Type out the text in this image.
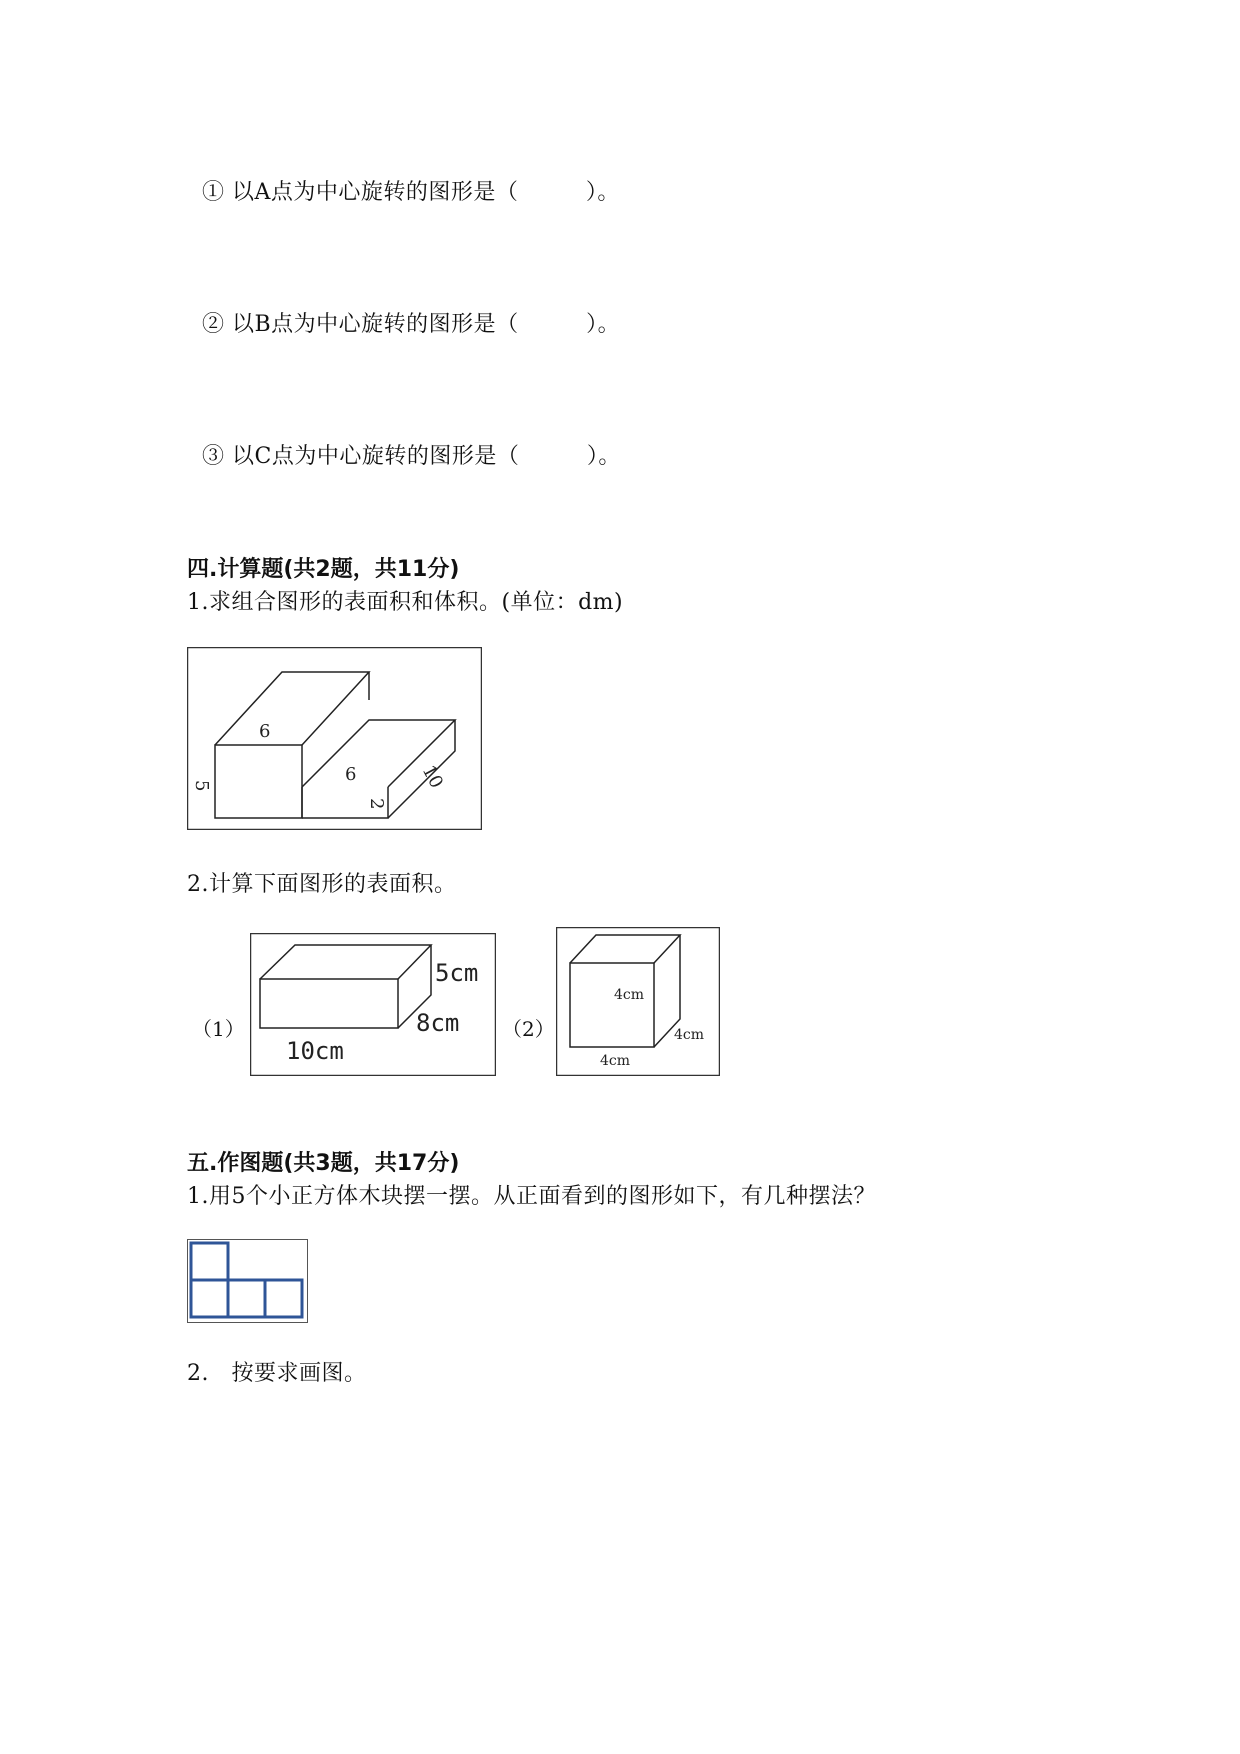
① 以A点为中心旋转的图形是（　　　）。

② 以B点为中心旋转的图形是（　　　）。

③ 以C点为中心旋转的图形是（　　　）。

四.计算题(共2题，共11分)
1.求组合图形的表面积和体积。(单位：dm)
6
5
6
2
10
2.计算下面图形的表面积。
（1）
5cm
8cm
10cm
（2）
4cm
4cm
4cm
五.作图题(共3题，共17分)
1.用5个小正方体木块摆一摆。从正面看到的图形如下，有几种摆法？
2.　按要求画图。
